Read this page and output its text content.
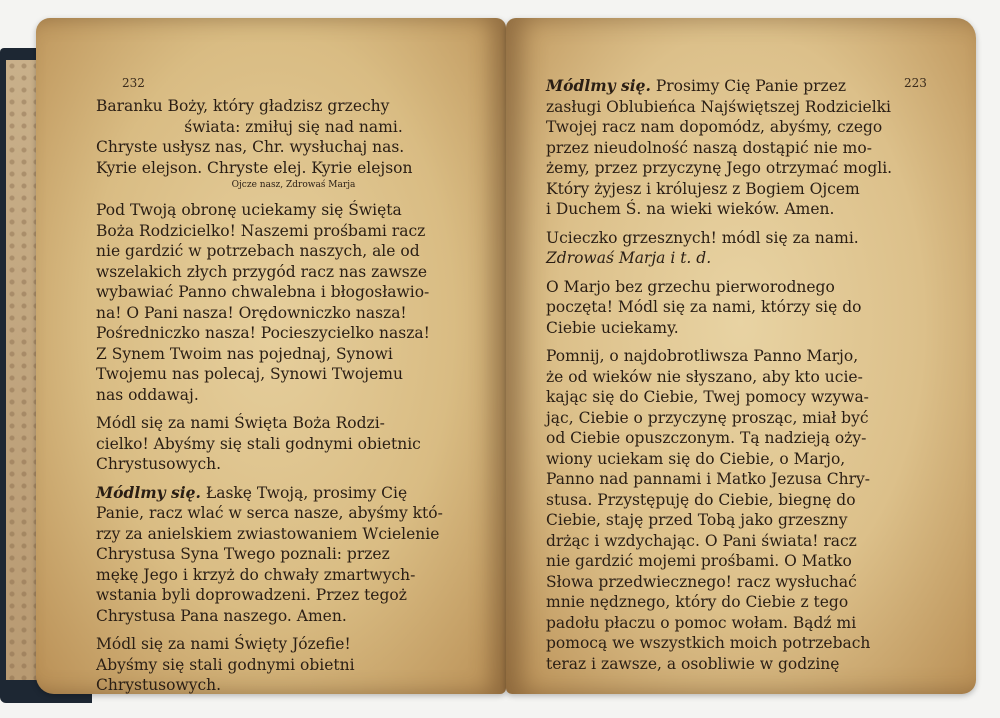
232
Baranku Boży, który gładzisz grzechy
świata: zmiłuj się nad nami.
Chryste usłysz nas, Chr. wysłuchaj nas.
Kyrie elejson. Chryste elej. Kyrie elejson
Ojcze nasz, Zdrowaś Marja
Pod Twoją obronę uciekamy się Święta
Boża Rodzicielko! Naszemi prośbami racz
nie gardzić w potrzebach naszych, ale od
wszelakich złych przygód racz nas zawsze
wybawiać Panno chwalebna i błogosławio-
na! O Pani nasza! Orędowniczko nasza!
Pośredniczko nasza! Pocieszycielko nasza!
Z Synem Twoim nas pojednaj, Synowi
Twojemu nas polecaj, Synowi Twojemu
nas oddawaj.
Módl się za nami Święta Boża Rodzi-
cielko! Abyśmy się stali godnymi obietnic
Chrystusowych.
Módlmy się. Łaskę Twoją, prosimy Cię
Panie, racz wlać w serca nasze, abyśmy któ-
rzy za anielskiem zwiastowaniem Wcielenie
Chrystusa Syna Twego poznali: przez
mękę Jego i krzyż do chwały zmartwych-
wstania byli doprowadzeni. Przez tegoż
Chrystusa Pana naszego. Amen.
Módl się za nami Święty Józefie!
Abyśmy się stali godnymi obietni
Chrystusowych.
223
Módlmy się. Prosimy Cię Panie przez
zasługi Oblubieńca Najświętszej Rodzicielki
Twojej racz nam dopomódz, abyśmy, czego
przez nieudolność naszą dostąpić nie mo-
żemy, przez przyczynę Jego otrzymać mogli.
Który żyjesz i królujesz z Bogiem Ojcem
i Duchem Ś. na wieki wieków. Amen.
Ucieczko grzesznych! módl się za nami.
Zdrowaś Marja i t. d.
O Marjo bez grzechu pierworodnego
poczęta! Módl się za nami, którzy się do
Ciebie uciekamy.
Pomnij, o najdobrotliwsza Panno Marjo,
że od wieków nie słyszano, aby kto ucie-
kając się do Ciebie, Twej pomocy wzywa-
jąc, Ciebie o przyczynę prosząc, miał być
od Ciebie opuszczonym. Tą nadzieją oży-
wiony uciekam się do Ciebie, o Marjo,
Panno nad pannami i Matko Jezusa Chry-
stusa. Przystępuję do Ciebie, biegnę do
Ciebie, staję przed Tobą jako grzeszny
drżąc i wzdychając. O Pani świata! racz
nie gardzić mojemi prośbami. O Matko
Słowa przedwiecznego! racz wysłuchać
mnie nędznego, który do Ciebie z tego
padołu płaczu o pomoc wołam. Bądź mi
pomocą we wszystkich moich potrzebach
teraz i zawsze, a osobliwie w godzinę
